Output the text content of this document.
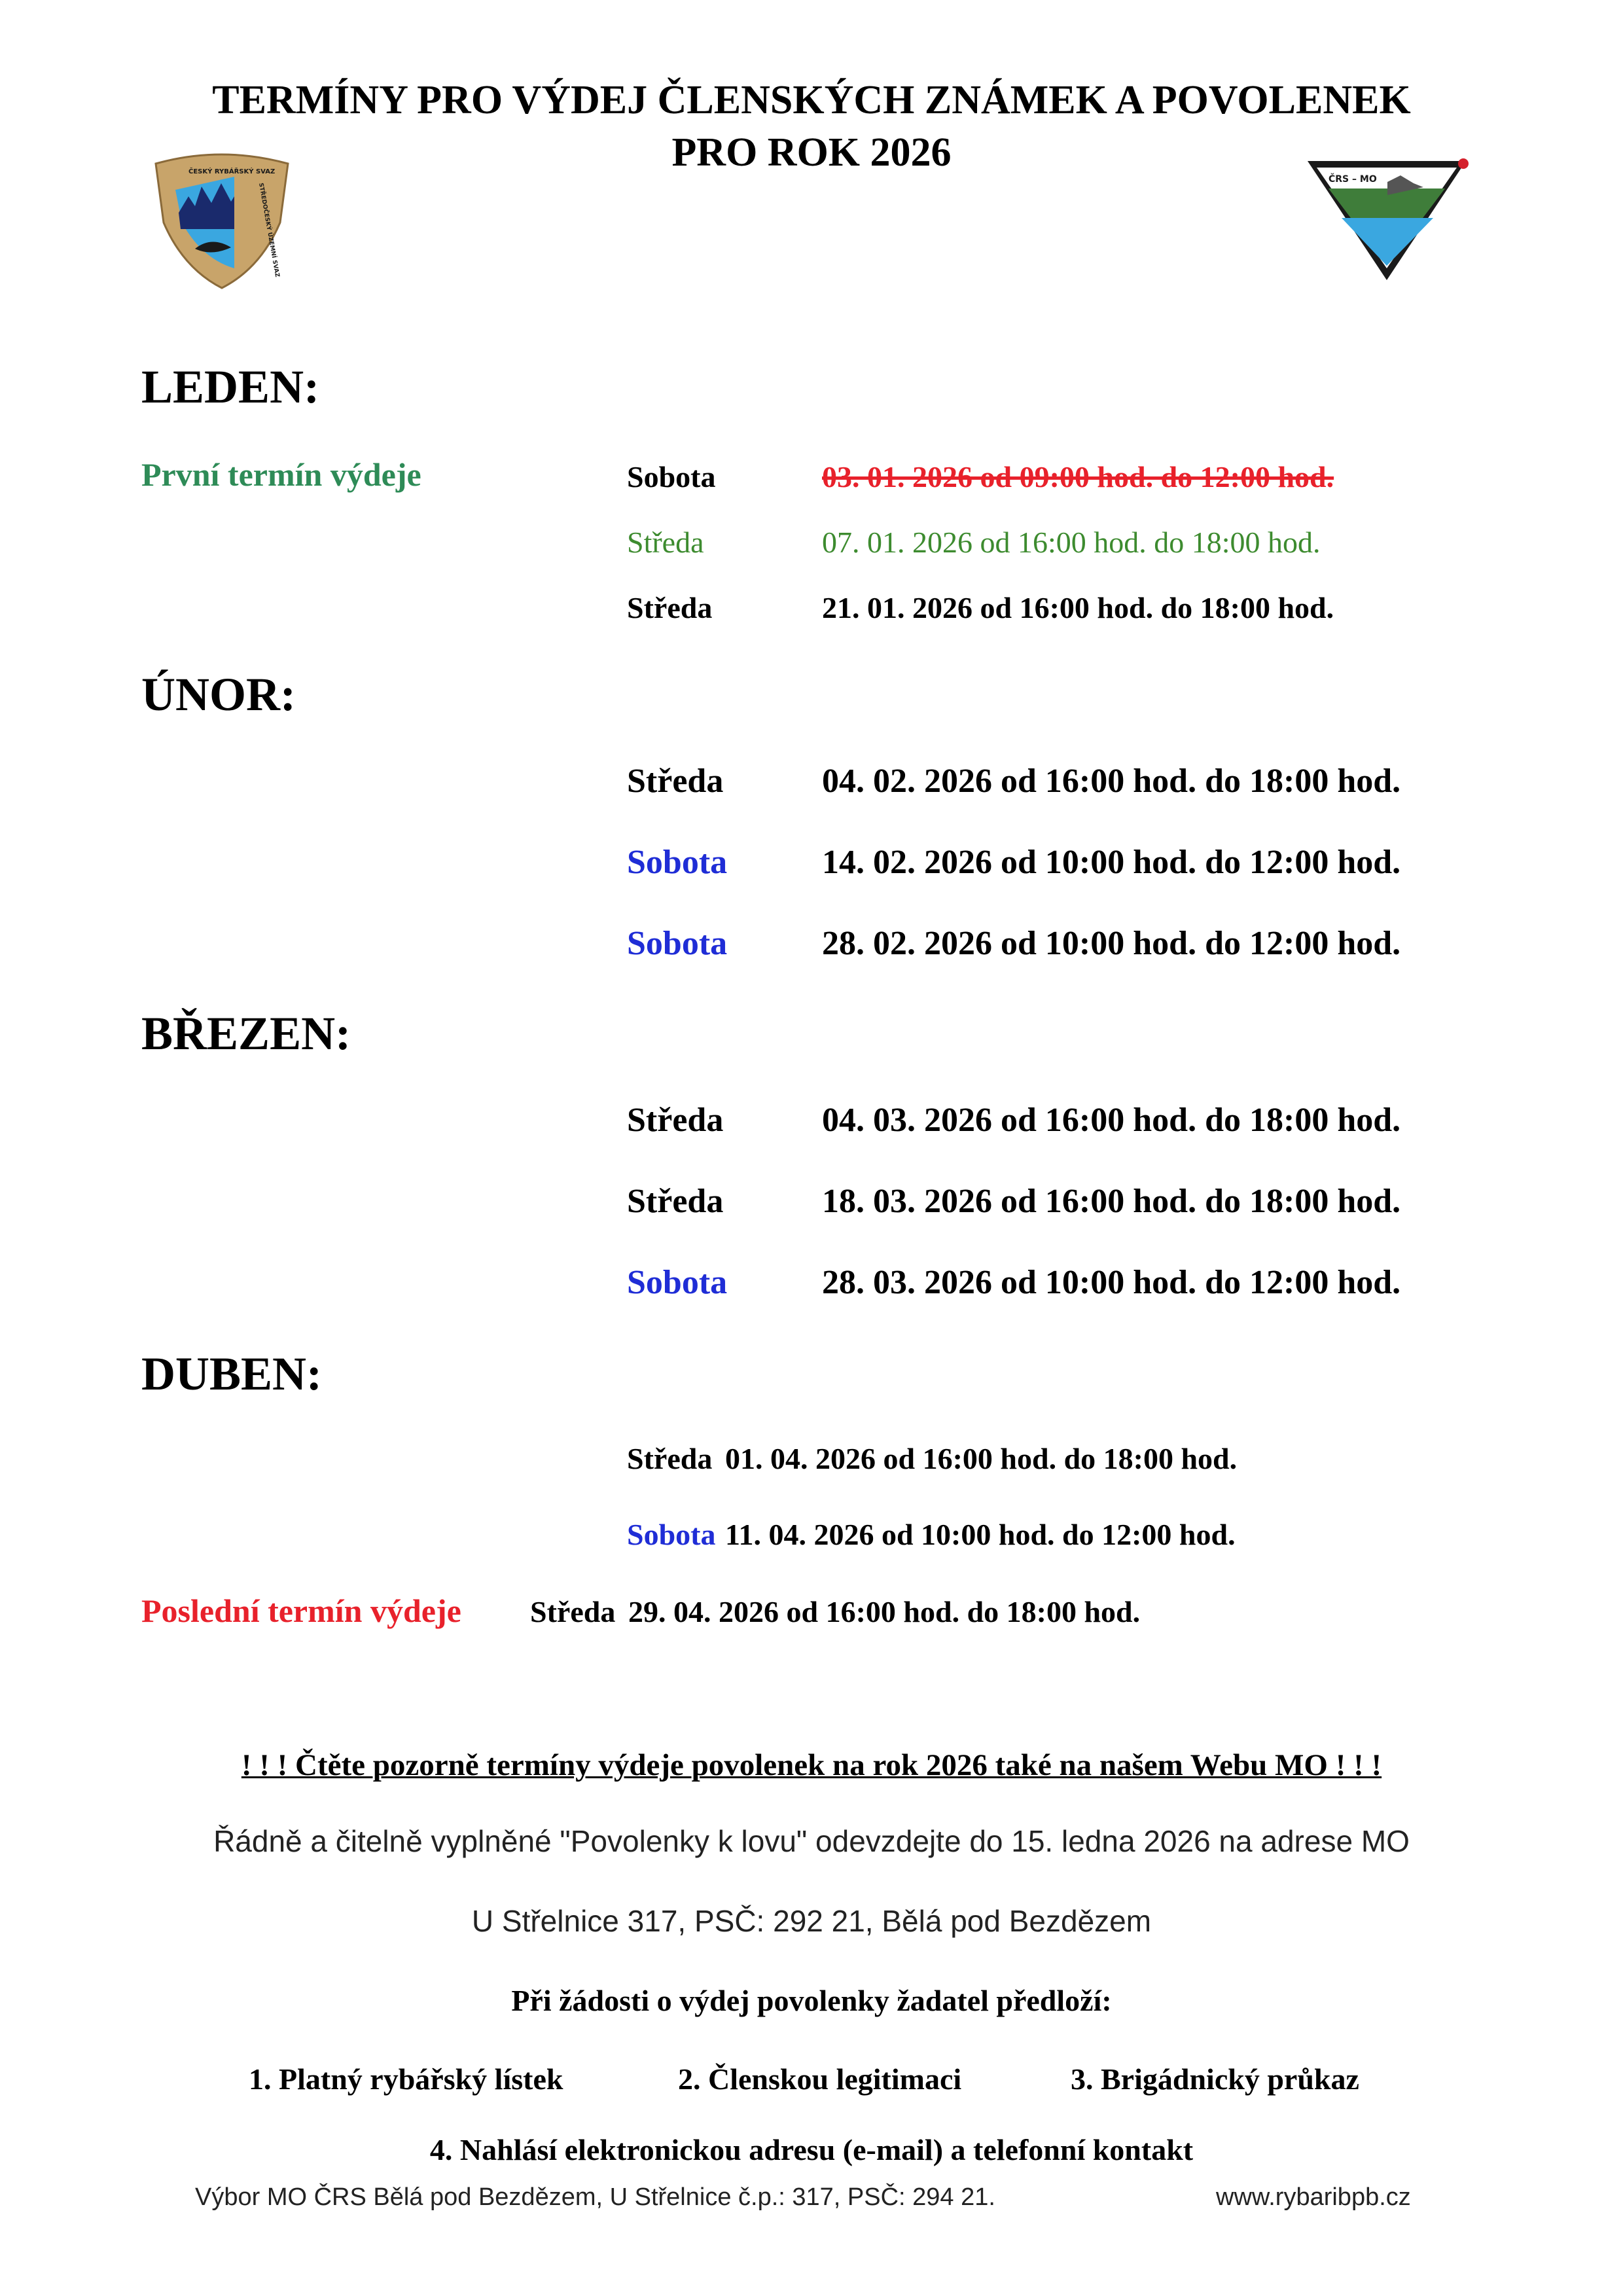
TERMÍNY PRO VÝDEJ ČLENSKÝCH ZNÁMEK A POVOLENEK
PRO ROK 2026
ČESKÝ RYBÁŘSKÝ SVAZ
STŘEDOČESKÝ ÚZEMNÍ SVAZ
ČRS – MO
LEDEN:
První termín výdeje	Sobota	03. 01. 2026 od 09:00 hod. do 12:00 hod.
Středa	07. 01. 2026 od 16:00 hod. do 18:00 hod.
Středa	21. 01. 2026 od 16:00 hod. do 18:00 hod.
ÚNOR:
Středa	04. 02. 2026 od 16:00 hod. do 18:00 hod.
Sobota	14. 02. 2026 od 10:00 hod. do 12:00 hod.
Sobota	28. 02. 2026 od 10:00 hod. do 12:00 hod.
BŘEZEN:
Středa	04. 03. 2026 od 16:00 hod. do 18:00 hod.
Středa	18. 03. 2026 od 16:00 hod. do 18:00 hod.
Sobota	28. 03. 2026 od 10:00 hod. do 12:00 hod.
DUBEN:
Středa 01. 04. 2026 od 16:00 hod. do 18:00 hod.
Sobota 11. 04. 2026 od 10:00 hod. do 12:00 hod.
Poslední termín výdeje Středa 29. 04. 2026 od 16:00 hod. do 18:00 hod.
! ! ! Čtěte pozorně termíny výdeje povolenek na rok 2026 také na našem Webu MO ! ! !
Řádně a čitelně vyplněné "Povolenky k lovu" odevzdejte do 15. ledna 2026 na adrese MO
U Střelnice 317, PSČ: 292 21, Bělá pod Bezdězem
Při žádosti o výdej povolenky žadatel předloží:
1. Platný rybářský lístek	2. Členskou legitimaci	3. Brigádnický průkaz
4. Nahlásí elektronickou adresu (e-mail) a telefonní kontakt
Výbor MO ČRS Bělá pod Bezdězem, U Střelnice č.p.: 317, PSČ: 294 21.	www.rybaribpb.cz
